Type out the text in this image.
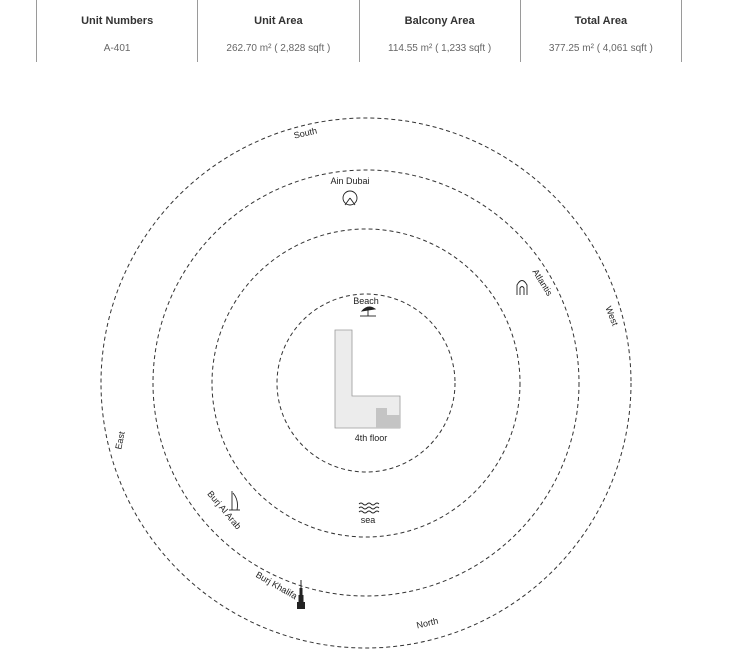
Unit Numbers
A-401
Unit Area
262.70 m² ( 2,828 sqft )
Balcony Area
114.55 m² ( 1,233 sqft )
Total Area
377.25 m² ( 4,061 sqft )
4th floor
South
West
East
North
Ain Dubai
Atlantis
Beach
sea
Burj Al Arab
Burj Khalifa
